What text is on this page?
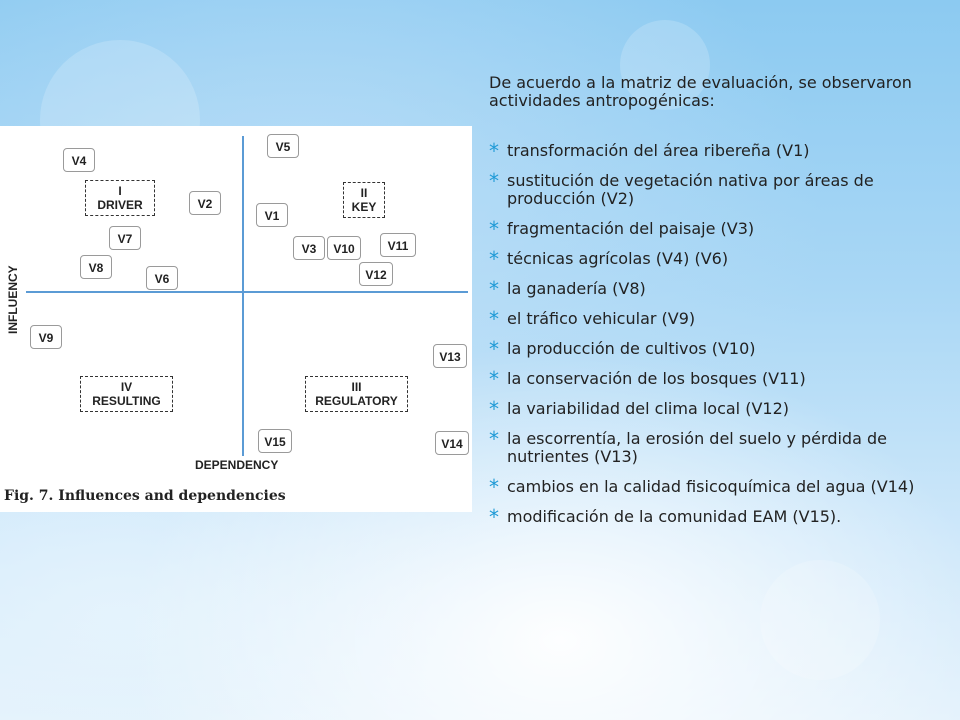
INFLUENCY
DEPENDENCY
I
DRIVER
II
KEY
IV
RESULTING
III
REGULATORY
V4
V5
V2
V1
V7
V3	V10	V11
V8
V6	V12
V9
V13
V15	V14
Fig. 7. Influences and dependencies

De acuerdo a la matriz de evaluación, se observaron actividades antropogénicas:

* transformación del área ribereña (V1)
* sustitución de vegetación nativa por áreas de producción (V2)
* fragmentación del paisaje (V3)
* técnicas agrícolas (V4) (V6)
* la ganadería (V8)
* el tráfico vehicular (V9)
* la producción de cultivos (V10)
* la conservación de los bosques (V11)
* la variabilidad del clima local (V12)
* la escorrentía, la erosión del suelo y pérdida de nutrientes (V13)
* cambios en la calidad fisicoquímica del agua (V14)
* modificación de la comunidad EAM (V15).
